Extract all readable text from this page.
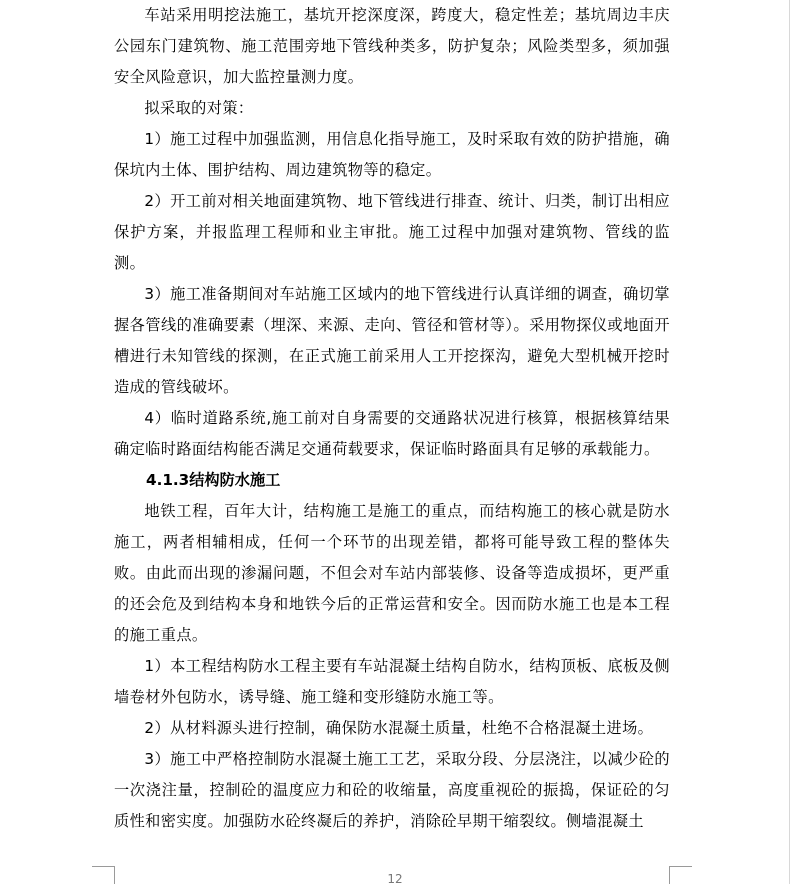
车站采用明挖法施工，基坑开挖深度深，跨度大，稳定性差；基坑周边丰庆公园东门建筑物、施工范围旁地下管线种类多，防护复杂；风险类型多，须加强安全风险意识，加大监控量测力度。

拟采取的对策：

1）施工过程中加强监测，用信息化指导施工，及时采取有效的防护措施，确保坑内土体、围护结构、周边建筑物等的稳定。

2）开工前对相关地面建筑物、地下管线进行排查、统计、归类，制订出相应保护方案，并报监理工程师和业主审批。施工过程中加强对建筑物、管线的监测。

3）施工准备期间对车站施工区域内的地下管线进行认真详细的调查，确切掌握各管线的准确要素（埋深、来源、走向、管径和管材等）。采用物探仪或地面开槽进行未知管线的探测，在正式施工前采用人工开挖探沟，避免大型机械开挖时造成的管线破坏。

4）临时道路系统,施工前对自身需要的交通路状况进行核算，根据核算结果确定临时路面结构能否满足交通荷载要求，保证临时路面具有足够的承载能力。

4.1.3结构防水施工

地铁工程，百年大计，结构施工是施工的重点，而结构施工的核心就是防水施工，两者相辅相成，任何一个环节的出现差错，都将可能导致工程的整体失败。由此而出现的渗漏问题，不但会对车站内部装修、设备等造成损坏，更严重的还会危及到结构本身和地铁今后的正常运营和安全。因而防水施工也是本工程的施工重点。

1）本工程结构防水工程主要有车站混凝土结构自防水，结构顶板、底板及侧墙卷材外包防水，诱导缝、施工缝和变形缝防水施工等。

2）从材料源头进行控制，确保防水混凝土质量，杜绝不合格混凝土进场。

3）施工中严格控制防水混凝土施工工艺，采取分段、分层浇注，以减少砼的一次浇注量，控制砼的温度应力和砼的收缩量，高度重视砼的振捣，保证砼的匀质性和密实度。加强防水砼终凝后的养护，消除砼早期干缩裂纹。侧墙混凝土

12
